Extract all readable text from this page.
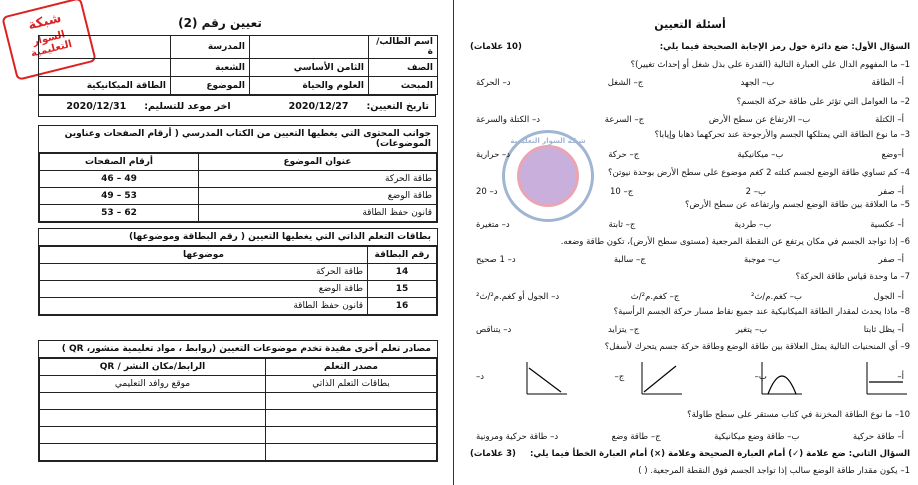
شبكة
السوار التعليمية
تعيين رقم (2)
اسم الطالب/ة		المدرسة	
الصف	الثامن الأساسي	الشعبة	
المبحث	العلوم والحياة	الموضوع	الطاقة الميكانيكية
تاريخ التعيين:
2020/12/27
اخر موعد للتسليم:
2020/12/31
جوانب المحتوى التي يغطيها التعيين من الكتاب المدرسي ( أرقام الصفحات وعناوين الموضوعات)
عنوان الموضوع	أرقام الصفحات
طاقة الحركة	46 – 49
طاقة الوضع	49 – 53
قانون حفظ الطاقة	53 – 62
بطاقات التعلم الذاتي التي يغطيها التعيين ( رقم البطاقة وموضوعها)
رقم البطاقة	موضوعها
14	طاقة الحركة
15	طاقة الوضع
16	قانون حفظ الطاقة
مصادر تعلم أخرى مفيدة تخدم موضوعات التعيين (روابط ، مواد تعليمية منشور، QR )
مصدر التعلم	الرابط/مكان النشر / QR
بطاقات التعلم الذاتي	موقع روافد التعليمي

شبكة السوار التعليمية
أسئلة التعيين
السؤال الأول: ضع دائرة حول رمز الإجابة الصحيحة فيما يلي:
(10 علامات)
السؤال الثاني: ضع علامة (✓) أمام العبارة الصحيحة وعلامة (×) أمام العبارة الخطأ فيما يلي:
(3 علامات)
1– يكون مقدار طاقة الوضع سالب إذا تواجد الجسم فوق النقطة المرجعية. ( )
1– ما المفهوم الدال على العبارة التالية (القدرة على بذل شغل أو إحداث تغيير)؟
أ– الطاقة
ب– الجهد
ج– الشغل
د– الحركة
2– ما العوامل التي تؤثر على طاقة حركة الجسم؟
أ– الكتلة
ب– الارتفاع عن سطح الأرض
ج– السرعة
د– الكتلة والسرعة
3– ما نوع الطاقة التي يمتلكها الجسم والأرجوحة عند تحركهما ذهابا وإيابا؟
أ–وضع
ب– ميكانيكية
ج– حركة
د– حرارية
4– كم تساوي طاقة الوضع لجسم كتلته 2 كغم موضوع على سطح الأرض بوحدة نيوتن؟
أ– صفر
ب– 2
ج– 10
د– 20
5– ما العلاقة بين طاقة الوضع لجسم وارتفاعه عن سطح الأرض؟
أ– عكسية
ب– طردية
ج– ثابتة
د– متغيرة
6– إذا تواجد الجسم في مكان يرتفع عن النقطة المرجعية (مستوى سطح الأرض)، تكون طاقة وضعه.
أ– صفر
ب– موجبة
ج– سالبة
د– 1 صحيح
7– ما وحدة قياس طاقة الحركة؟
أ– الجول
ب– كغم.م/ث²
ج– كغم.م²/ث
د– الجول أو كغم.م²/ث²
8– ماذا يحدث لمقدار الطاقة الميكانيكية عند جميع نقاط مسار حركة الجسم الرأسية؟
أ– يظل ثابتا
ب– يتغير
ج– يتزايد
د– يتناقص
9– أي المنحنيات التالية يمثل العلاقة بين طاقة الوضع وطاقة حركة جسم يتحرك لأسفل؟
أ–
ب–
ج–
د–
10– ما نوع الطاقة المخزنة في كتاب مستقر على سطح طاولة؟
أ– طاقة حركية
ب– طاقة وضع ميكانيكية
ج– طاقة وضع
د– طاقة حركية ومرونية
